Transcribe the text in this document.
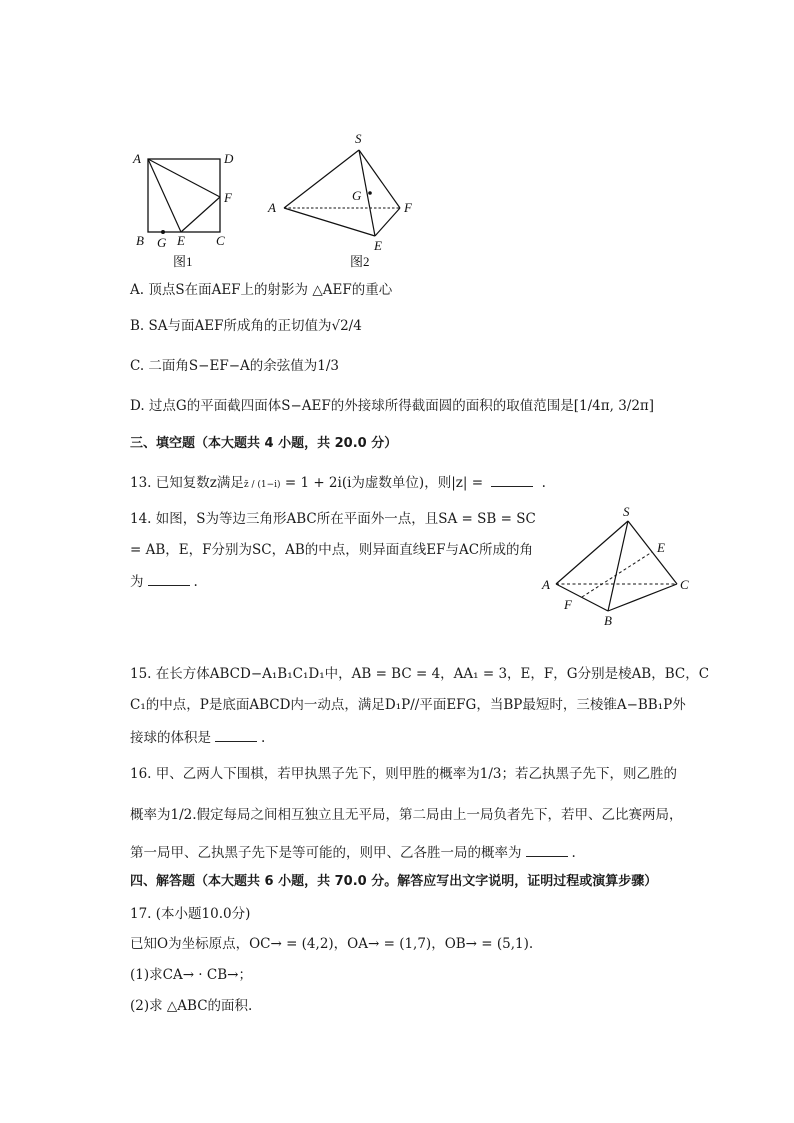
A	D
F
B G E C
图1
S
G
A	F
E
图2
A. 顶点S在面AEF上的射影为 △AEF的重心
B. SA与面AEF所成角的正切值为√2/4
C. 二面角S−EF−A的余弦值为1/3
D. 过点G的平面截四面体S−AEF的外接球所得截面圆的面积的取值范围是[1/4π, 3/2π]
三、填空题（本大题共 4 小题，共 20.0 分）
13. 已知复数z满足z̄ / (1−i) = 1 + 2i(i为虚数单位)，则|z| =	.
14. 如图，S为等边三角形ABC所在平面外一点，且SA = SB = SC
= AB，E，F分别为SC，AB的中点，则异面直线EF与AC所成的角
为	.
S
E
A	C
F
B
15. 在长方体ABCD−A₁B₁C₁D₁中，AB = BC = 4，AA₁ = 3，E，F，G分别是棱AB，BC，C
C₁的中点，P是底面ABCD内一动点，满足D₁P//平面EFG，当BP最短时，三棱锥A−BB₁P外
接球的体积是	.
16. 甲、乙两人下围棋，若甲执黑子先下，则甲胜的概率为1/3；若乙执黑子先下，则乙胜的
概率为1/2.假定每局之间相互独立且无平局，第二局由上一局负者先下，若甲、乙比赛两局，
第一局甲、乙执黑子先下是等可能的，则甲、乙各胜一局的概率为	.
四、解答题（本大题共 6 小题，共 70.0 分。解答应写出文字说明，证明过程或演算步骤）
17. (本小题10.0分)
已知O为坐标原点，OC→ = (4,2)，OA→ = (1,7)，OB→ = (5,1).
(1)求CA→ · CB→；
(2)求 △ABC的面积.
